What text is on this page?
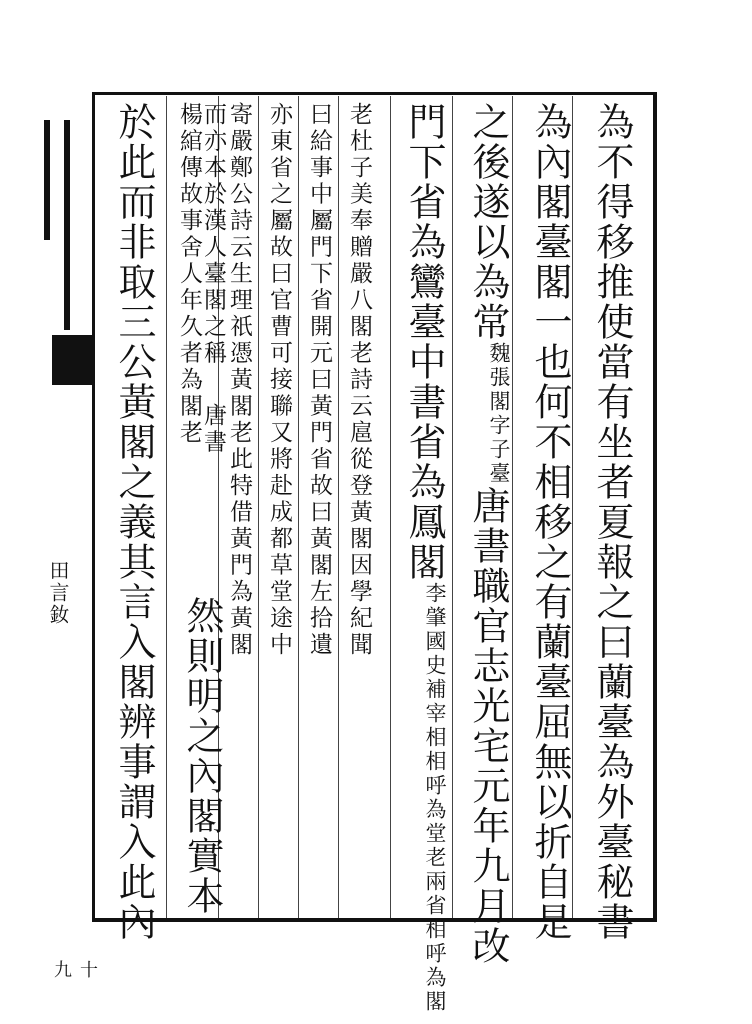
田言釹
十九
為不得移推使當有坐者夏報之曰蘭臺為外臺秘書
為內閣臺閣一也何不相移之有蘭臺屈無以折自是
之後遂以為常魏張閣字子臺唐書職官志光宅元年九月改
門下省為鸞臺中書省為鳳閣李肇國史補宰相相呼為堂老兩省相呼為閣
老杜子美奉贈嚴八閣老詩云扈從登黃閣因學紀聞
曰給事中屬門下省開元曰黃門省故曰黃閣左拾遺
亦東省之屬故曰官曹可接聯又將赴成都草堂途中
寄嚴鄭公詩云生理祇憑黃閣老此特借黃門為黃閣
而亦本於漢人臺閣之稱唐書
楊綰傳故事舍人年久者為閣老
然則明之內閣實本
於此而非取三公黃閣之義其言入閣辨事謂入此內
